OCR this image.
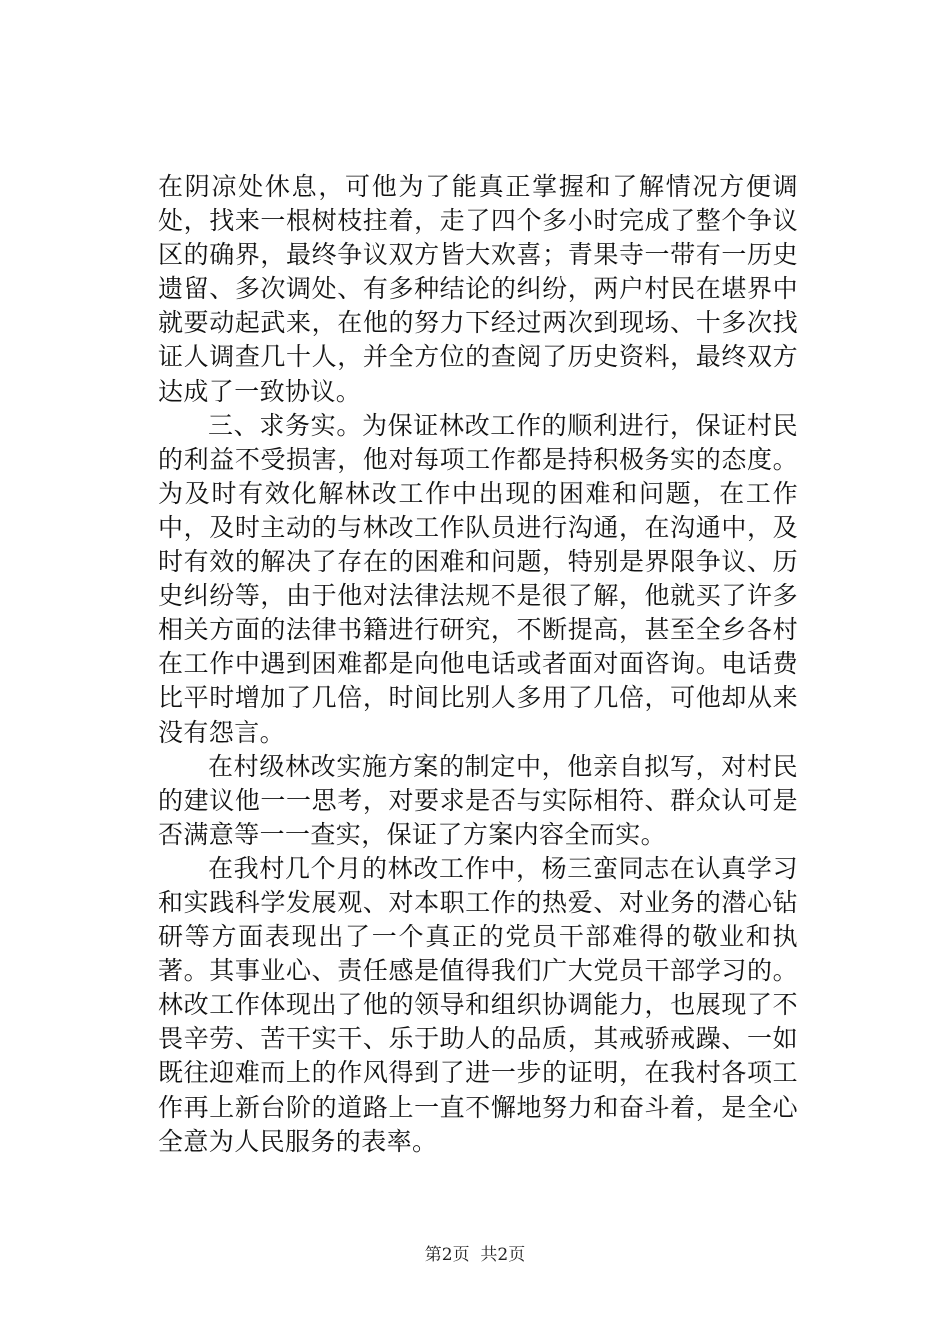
在阴凉处休息，可他为了能真正掌握和了解情况方便调处，找来一根树枝拄着，走了四个多小时完成了整个争议区的确界，最终争议双方皆大欢喜；青果寺一带有一历史遗留、多次调处、有多种结论的纠纷，两户村民在堪界中就要动起武来，在他的努力下经过两次到现场、十多次找证人调查几十人，并全方位的查阅了历史资料，最终双方达成了一致协议。

三、求务实。为保证林改工作的顺利进行，保证村民的利益不受损害，他对每项工作都是持积极务实的态度。为及时有效化解林改工作中出现的困难和问题，在工作中，及时主动的与林改工作队员进行沟通，在沟通中，及时有效的解决了存在的困难和问题，特别是界限争议、历史纠纷等，由于他对法律法规不是很了解，他就买了许多相关方面的法律书籍进行研究，不断提高，甚至全乡各村在工作中遇到困难都是向他电话或者面对面咨询。电话费比平时增加了几倍，时间比别人多用了几倍，可他却从来没有怨言。

在村级林改实施方案的制定中，他亲自拟写，对村民的建议他一一思考，对要求是否与实际相符、群众认可是否满意等一一查实，保证了方案内容全而实。

在我村几个月的林改工作中，杨三蛮同志在认真学习和实践科学发展观、对本职工作的热爱、对业务的潜心钻研等方面表现出了一个真正的党员干部难得的敬业和执著。其事业心、责任感是值得我们广大党员干部学习的。林改工作体现出了他的领导和组织协调能力，也展现了不畏辛劳、苦干实干、乐于助人的品质，其戒骄戒躁、一如既往迎难而上的作风得到了进一步的证明，在我村各项工作再上新台阶的道路上一直不懈地努力和奋斗着，是全心全意为人民服务的表率。

第2页  共2页
